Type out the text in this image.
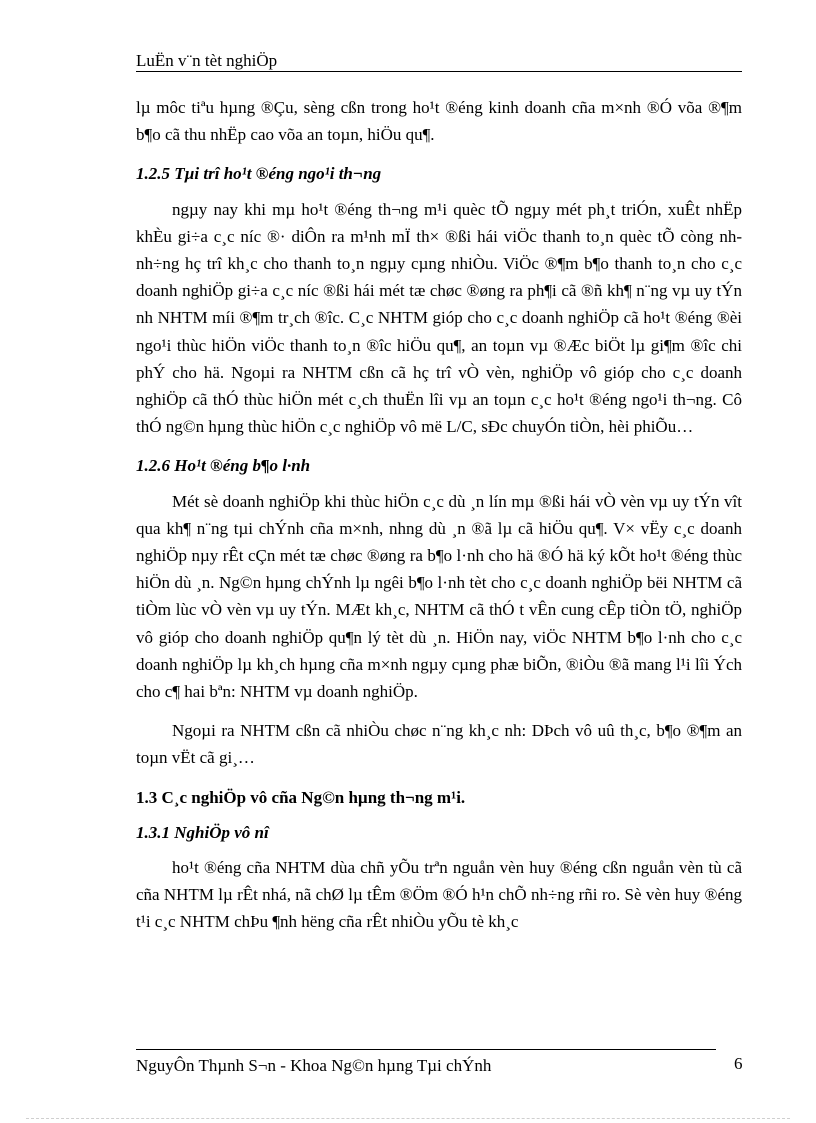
LuËn v¨n tèt nghiÖp

lµ môc tiªu hµng ®Çu, sèng cßn trong ho¹t ®éng kinh doanh cña m×nh ®Ó võa ®¶m b¶o cã thu nhËp cao võa an toµn, hiÖu qu¶.

1.2.5 Tµi trî ho¹t ®éng ngo¹i th¬ng

ngµy nay khi mµ ho¹t ®éng th¬ng m¹i quèc tÕ ngµy mét ph¸t triÓn, xuÊt nhËp khÈu gi÷a c¸c níc ®· diÔn ra m¹nh mÏ th× ®ßi hái viÖc thanh to¸n quèc tÕ còng nh nh÷ng hç trî kh¸c cho thanh to¸n ngµy cµng nhiÒu. ViÖc ®¶m b¶o thanh to¸n cho c¸c doanh nghiÖp gi÷a c¸c níc ®ßi hái mét tæ chøc ®øng ra ph¶i cã ®ñ kh¶ n¨ng vµ uy tÝn nh NHTM míi ®¶m tr¸ch ®îc. C¸c NHTM gióp cho c¸c doanh nghiÖp cã ho¹t ®éng ®èi ngo¹i thùc hiÖn viÖc thanh to¸n ®îc hiÖu qu¶, an toµn vµ ®Æc biÖt lµ gi¶m ®îc chi phÝ cho hä. Ngoµi ra NHTM cßn cã hç trî vÒ vèn, nghiÖp vô gióp cho c¸c doanh nghiÖp cã thÓ thùc hiÖn mét c¸ch thuËn lîi vµ an toµn c¸c ho¹t ®éng ngo¹i th¬ng. Cô thÓ ng©n hµng thùc hiÖn c¸c nghiÖp vô më L/C, sÐc chuyÓn tiÒn, hèi phiÕu…

1.2.6 Ho¹t ®éng b¶o l·nh

Mét sè doanh nghiÖp khi thùc hiÖn c¸c dù ¸n lín mµ ®ßi hái vÒ vèn vµ uy tÝn vît qua kh¶ n¨ng tµi chÝnh cña m×nh, nhng dù ¸n ®ã lµ cã hiÖu qu¶. V× vËy c¸c doanh nghiÖp nµy rÊt cÇn mét tæ chøc ®øng ra b¶o l·nh cho hä ®Ó hä ký kÕt ho¹t ®éng thùc hiÖn dù ¸n. Ng©n hµng chÝnh lµ ngêi b¶o l·nh tèt cho c¸c doanh nghiÖp bëi NHTM cã tiÒm lùc vÒ vèn vµ uy tÝn. MÆt kh¸c, NHTM cã thÓ t vÊn cung cÊp tiÒn tÖ, nghiÖp vô gióp cho doanh nghiÖp qu¶n lý tèt dù ¸n. HiÖn nay, viÖc NHTM b¶o l·nh cho c¸c doanh nghiÖp lµ kh¸ch hµng cña m×nh ngµy cµng phæ biÕn, ®iÒu ®ã mang l¹i lîi Ých cho c¶ hai bªn: NHTM vµ doanh nghiÖp.

Ngoµi ra NHTM cßn cã nhiÒu chøc n¨ng kh¸c nh: DÞch vô uû th¸c, b¶o ®¶m an toµn vËt cã gi¸…

1.3 C¸c nghiÖp vô cña Ng©n hµng th¬ng m¹i.
1.3.1 NghiÖp vô nî

ho¹t ®éng cña NHTM dùa chñ yÕu trªn nguån vèn huy ®éng cßn nguån vèn tù cã cña NHTM lµ rÊt nhá, nã chØ lµ tÊm ®Öm ®Ó h¹n chÕ nh÷ng rñi ro. Sè vèn huy ®éng t¹i c¸c NHTM chÞu ¶nh hëng cña rÊt nhiÒu yÕu tè kh¸c

NguyÔn Thµnh S¬n - Khoa Ng©n hµng Tµi chÝnh	6
